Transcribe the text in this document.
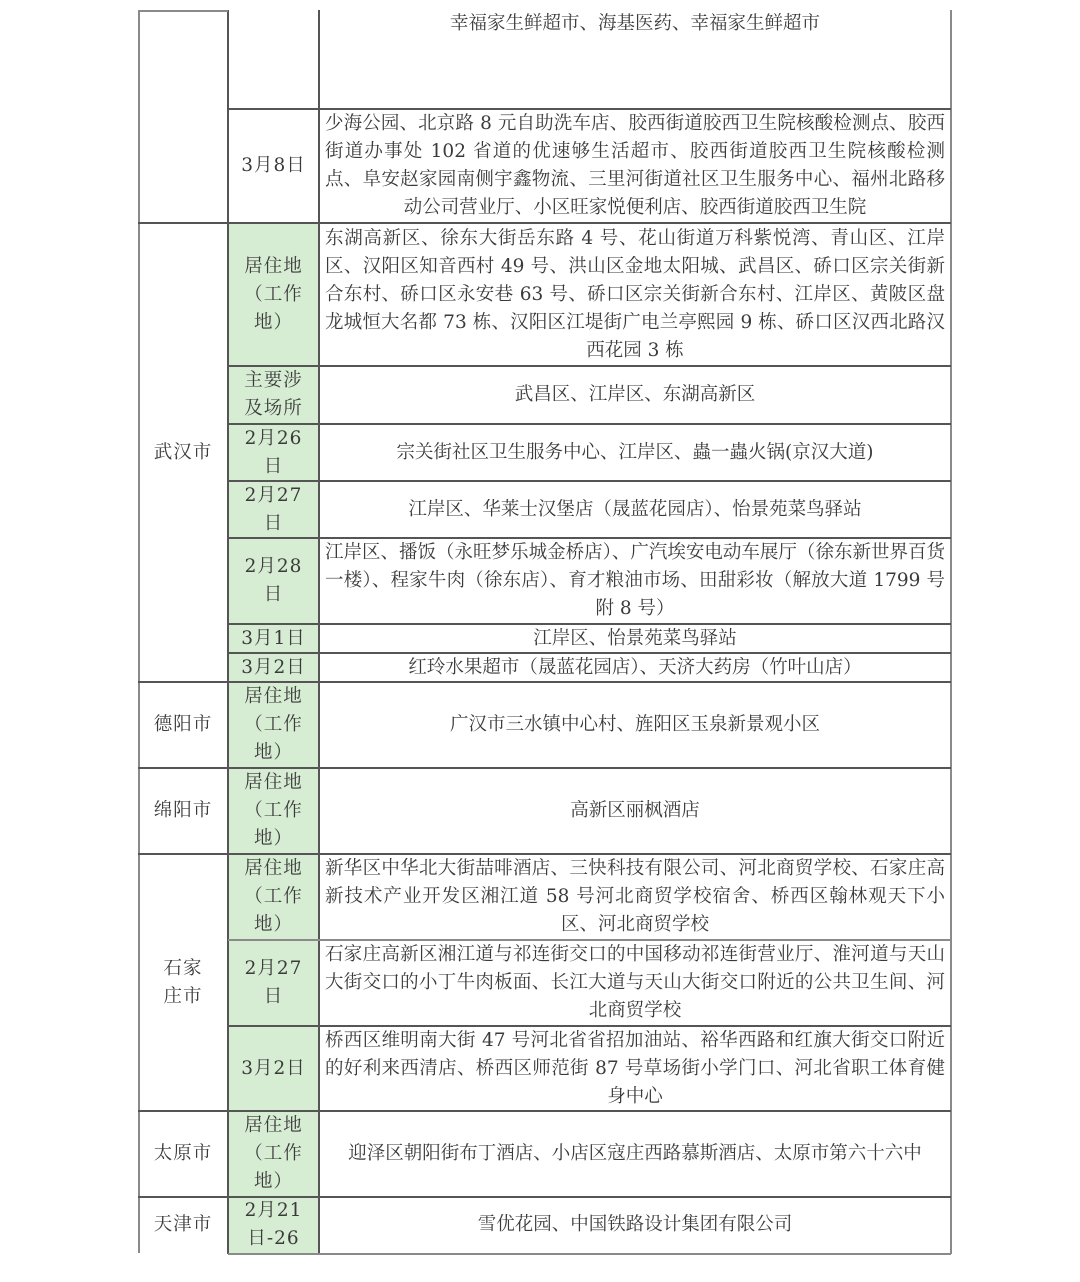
武汉市
德阳市
绵阳市
石家庄市
太原市
天津市
3月8日
居住地（工作地）
主要涉及场所
2月26日
2月27日
2月28日
3月1日
3月2日
居住地（工作地）
居住地（工作地）
居住地（工作地）
2月27日
3月2日
居住地（工作地）
2月21日-26
幸福家生鲜超市、海基医药、幸福家生鲜超市
少海公园、北京路 8 元自助洗车店、胶西街道胶西卫生院核酸检测点、胶西街道办事处 102 省道的优速够生活超市、胶西街道胶西卫生院核酸检测点、阜安赵家园南侧宇鑫物流、三里河街道社区卫生服务中心、福州北路移动公司营业厅、小区旺家悦便利店、胶西街道胶西卫生院
东湖高新区、徐东大街岳东路 4 号、花山街道万科紫悦湾、青山区、江岸区、汉阳区知音西村 49 号、洪山区金地太阳城、武昌区、硚口区宗关街新合东村、硚口区永安巷 63 号、硚口区宗关街新合东村、江岸区、黄陂区盘龙城恒大名都 73 栋、汉阳区江堤街广电兰亭熙园 9 栋、硚口区汉西北路汉西花园 3 栋
武昌区、江岸区、东湖高新区
宗关街社区卫生服务中心、江岸区、蟲一蟲火锅(京汉大道)
江岸区、华莱士汉堡店（晟蓝花园店）、怡景苑菜鸟驿站
江岸区、播饭（永旺梦乐城金桥店）、广汽埃安电动车展厅（徐东新世界百货一楼）、程家牛肉（徐东店）、育才粮油市场、田甜彩妆（解放大道 1799 号附 8 号）
江岸区、怡景苑菜鸟驿站
红玲水果超市（晟蓝花园店）、天济大药房（竹叶山店）
广汉市三水镇中心村、旌阳区玉泉新景观小区
高新区丽枫酒店
新华区中华北大街喆啡酒店、三快科技有限公司、河北商贸学校、石家庄高新技术产业开发区湘江道 58 号河北商贸学校宿舍、桥西区翰林观天下小区、河北商贸学校
石家庄高新区湘江道与祁连街交口的中国移动祁连街营业厅、淮河道与天山大街交口的小丁牛肉板面、长江大道与天山大街交口附近的公共卫生间、河北商贸学校
桥西区维明南大街 47 号河北省省招加油站、裕华西路和红旗大街交口附近的好利来西清店、桥西区师范街 87 号草场街小学门口、河北省职工体育健身中心
迎泽区朝阳街布丁酒店、小店区寇庄西路慕斯酒店、太原市第六十六中
雪优花园、中国铁路设计集团有限公司
